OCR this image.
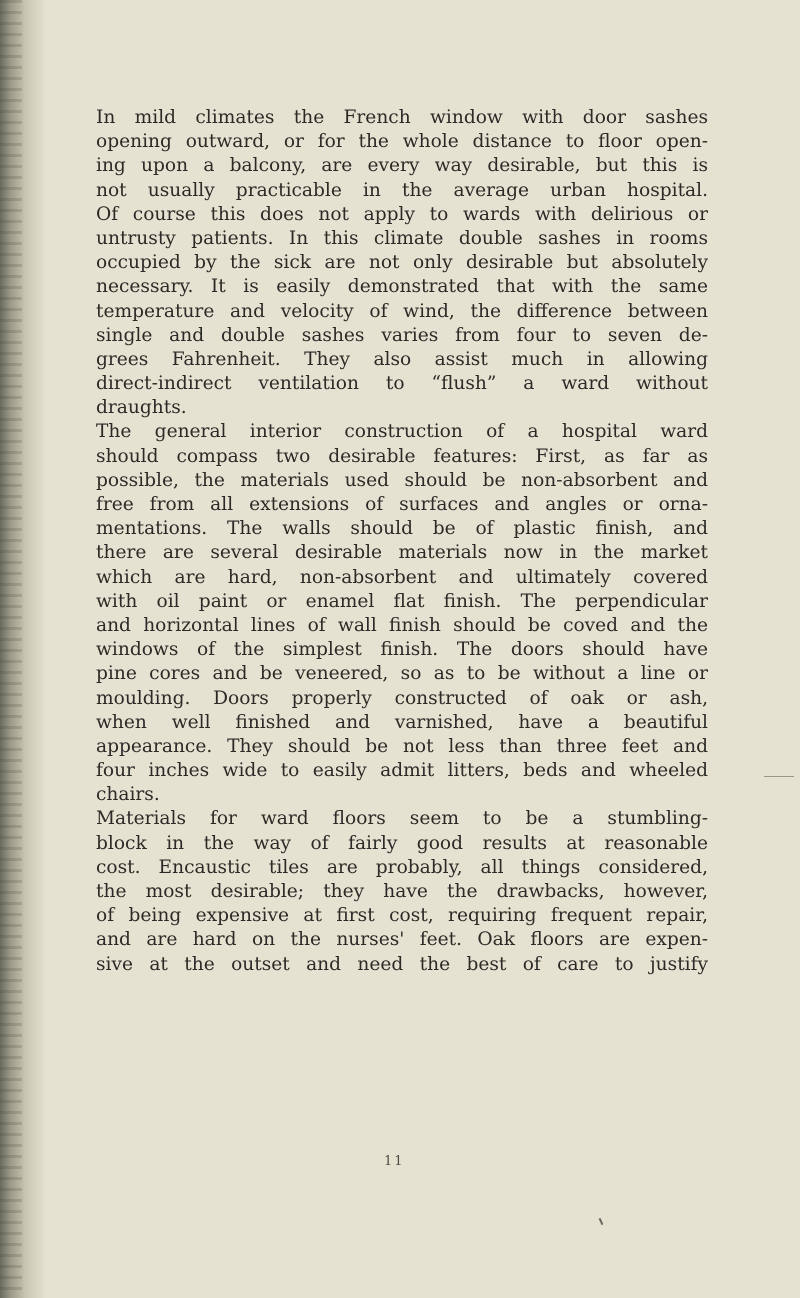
In mild climates the French window with door sashes
opening outward, or for the whole distance to floor open-
ing upon a balcony, are every way desirable, but this is
not usually practicable in the average urban hospital.
Of course this does not apply to wards with delirious or
untrusty patients. In this climate double sashes in rooms
occupied by the sick are not only desirable but absolutely
necessary. It is easily demonstrated that with the same
temperature and velocity of wind, the difference between
single and double sashes varies from four to seven de-
grees Fahrenheit. They also assist much in allowing
direct-indirect ventilation to “flush” a ward without
draughts.
The general interior construction of a hospital ward
should compass two desirable features: First, as far as
possible, the materials used should be non-absorbent and
free from all extensions of surfaces and angles or orna-
mentations. The walls should be of plastic finish, and
there are several desirable materials now in the market
which are hard, non-absorbent and ultimately covered
with oil paint or enamel flat finish. The perpendicular
and horizontal lines of wall finish should be coved and the
windows of the simplest finish. The doors should have
pine cores and be veneered, so as to be without a line or
moulding. Doors properly constructed of oak or ash,
when well finished and varnished, have a beautiful
appearance. They should be not less than three feet and
four inches wide to easily admit litters, beds and wheeled
chairs.
Materials for ward floors seem to be a stumbling-
block in the way of fairly good results at reasonable
cost. Encaustic tiles are probably, all things considered,
the most desirable; they have the drawbacks, however,
of being expensive at first cost, requiring frequent repair,
and are hard on the nurses' feet. Oak floors are expen-
sive at the outset and need the best of care to justify
11
